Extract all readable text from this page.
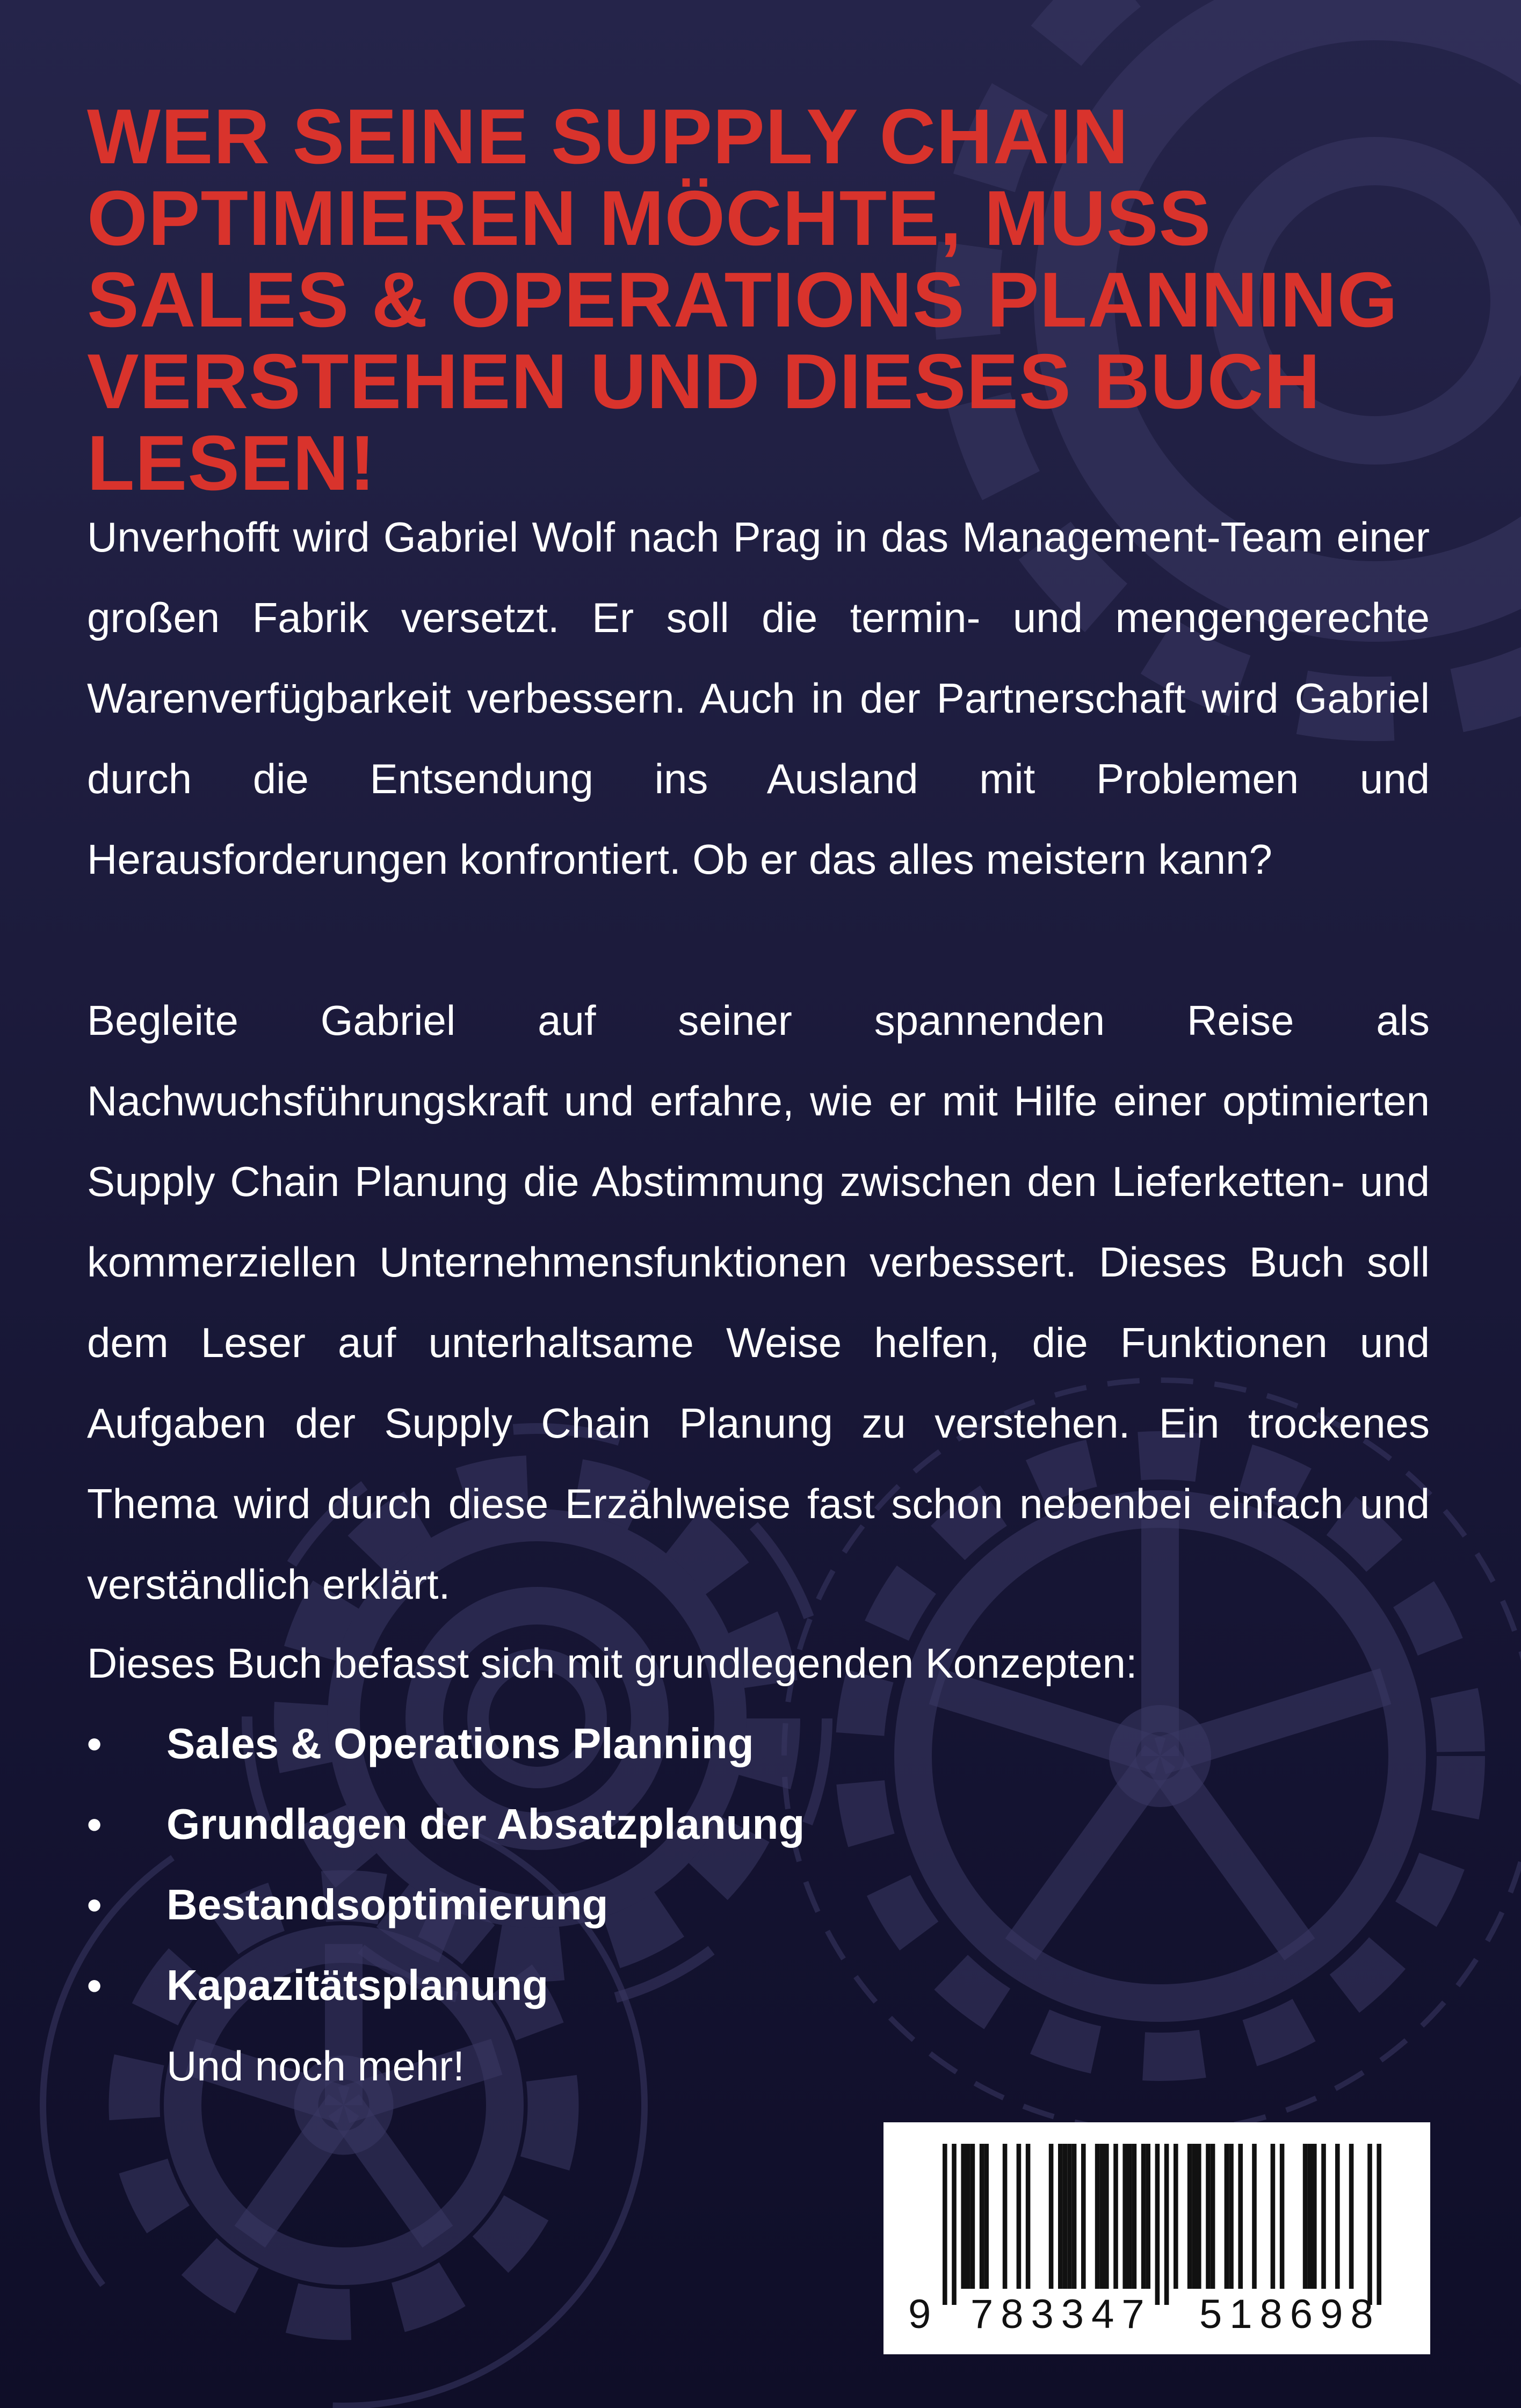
WER SEINE SUPPLY CHAIN OPTIMIEREN MÖCHTE, MUSS SALES & OPERATIONS PLANNING VERSTEHEN UND DIESES BUCH LESEN!

Unverhofft wird Gabriel Wolf nach Prag in das Management-Team einer großen Fabrik versetzt. Er soll die termin- und mengengerechte Warenverfügbarkeit verbessern. Auch in der Partnerschaft wird Gabriel durch die Entsendung ins Ausland mit Problemen und Herausforderungen konfrontiert. Ob er das alles meistern kann?

Begleite Gabriel auf seiner spannenden Reise als Nachwuchsführungskraft und erfahre, wie er mit Hilfe einer optimierten Supply Chain Planung die Abstimmung zwischen den Lieferketten- und kommerziellen Unternehmensfunktionen verbessert. Dieses Buch soll dem Leser auf unterhaltsame Weise helfen, die Funktionen und Aufgaben der Supply Chain Planung zu verstehen. Ein trockenes Thema wird durch diese Erzählweise fast schon nebenbei einfach und verständlich erklärt.

Dieses Buch befasst sich mit grundlegenden Konzepten:

• Sales & Operations Planning
• Grundlagen der Absatzplanung
• Bestandsoptimierung
• Kapazitätsplanung

Und noch mehr!

9 783347 518698
